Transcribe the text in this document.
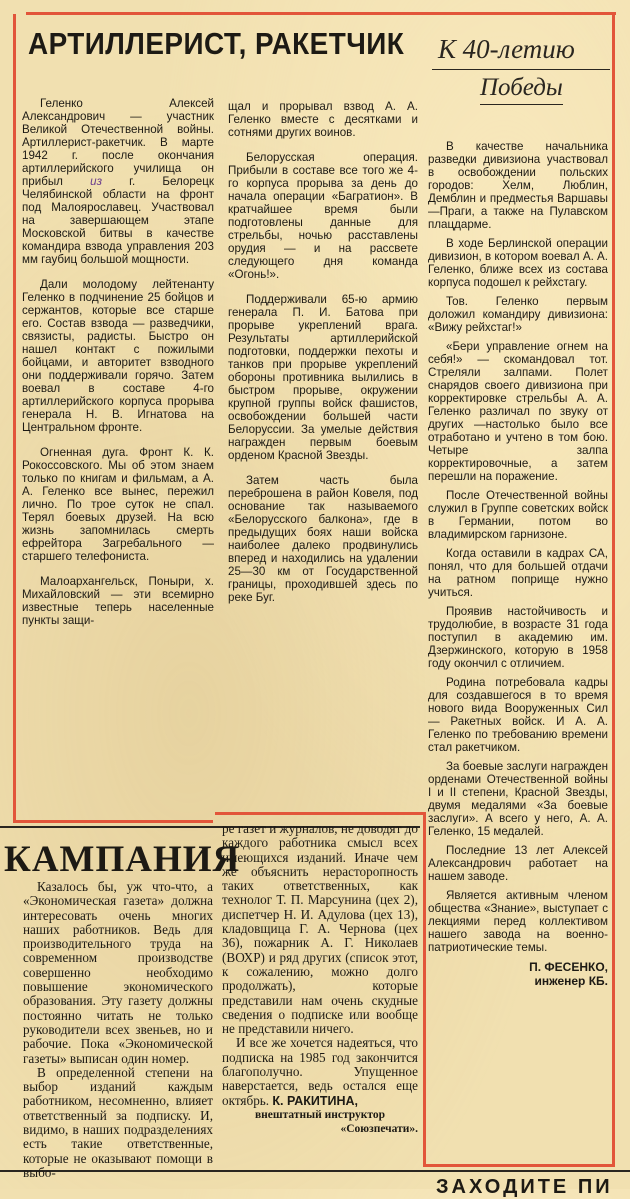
АРТИЛЛЕРИСТ, РАКЕТЧИК К 40-летию
Победы

Геленко Алексей Александрович — участник Великой Отечественной войны. Артиллерист-ракетчик. В марте 1942 г. после окончания артиллерийского училища он прибыл из г. Белорецк Челябинской области на фронт под Малоярославец. Участвовал на завершающем этапе Московской битвы в качестве командира взвода управления 203 мм гаубиц большой мощности.

Дали молодому лейтенанту Геленко в подчинение 25 бойцов и сержантов, которые все старше его. Состав взвода — разведчики, связисты, радисты. Быстро он нашел контакт с пожилыми бойцами, и авторитет взводного они поддерживали горячо. Затем воевал в составе 4-го артиллерийского корпуса прорыва генерала Н. В. Игнатова на Центральном фронте.

Огненная дуга. Фронт К. К. Рокоссовского. Мы об этом знаем только по книгам и фильмам, а А. А. Геленко все вынес, пережил лично. По трое суток не спал. Терял боевых друзей. На всю жизнь запомнилась смерть ефрейтора Загребального — старшего телефониста.

Малоархангельск, Поныри, х. Михайловский — эти всемирно известные теперь населенные пункты защи-

щал и прорывал взвод А. А. Геленко вместе с десятками и сотнями других воинов.

Белорусская операция. Прибыли в составе все того же 4-го корпуса прорыва за день до начала операции «Багратион». В кратчайшее время были подготовлены данные для стрельбы, ночью расставлены орудия — и на рассвете следующего дня команда «Огонь!».

Поддерживали 65-ю армию генерала П. И. Батова при прорыве укреплений врага. Результаты артиллерийской подготовки, поддержки пехоты и танков при прорыве укреплений обороны противника вылились в быстром прорыве, окружении крупной группы войск фашистов, освобождении большей части Белоруссии. За умелые действия награжден первым боевым орденом Красной Звезды.

Затем часть была переброшена в район Ковеля, под основание так называемого «Белорусского балкона», где в предыдущих боях наши войска наиболее далеко продвинулись вперед и находились на удалении 25—30 км от Государственной границы, проходившей здесь по реке Буг.

В качестве начальника разведки дивизиона участвовал в освобождении польских городов: Хелм, Люблин, Демблин и предместья Варшавы—Праги, а также на Пулавском плацдарме.

В ходе Берлинской операции дивизион, в котором воевал А. А. Геленко, ближе всех из состава корпуса подошел к рейхстагу.

Тов. Геленко первым доложил командиру дивизиона: «Вижу рейхстаг!»

«Бери управление огнем на себя!» — скомандовал тот. Стреляли залпами. Полет снарядов своего дивизиона при корректировке стрельбы А. А. Геленко различал по звуку от других —настолько было все отработано и учтено в том бою. Четыре залпа корректировочные, а затем перешли на поражение.

После Отечественной войны служил в Группе советских войск в Германии, потом во владимирском гарнизоне.

Когда оставили в кадрах СА, понял, что для большей отдачи на ратном поприще нужно учиться.

Проявив настойчивость и трудолюбие, в возрасте 31 года поступил в академию им. Дзержинского, которую в 1958 году окончил с отличием.

Родина потребовала кадры для создавшегося в то время нового вида Вооруженных Сил — Ракетных войск. И А. А. Геленко по требованию времени стал ракетчиком.

За боевые заслуги награжден орденами Отечественной войны I и II степени, Красной Звезды, двумя медалями «За боевые заслуги». А всего у него, А. А. Геленко, 15 медалей.

Последние 13 лет Алексей Александрович работает на нашем заводе.

Является активным членом общества «Знание», выступает с лекциями перед коллективом нашего завода на военно-патриотические темы.

П. ФЕСЕНКО,
инженер КБ.
КАМПАНИЯ

Казалось бы, уж что-что, а «Экономическая газета» должна интересовать очень многих наших работников. Ведь для производительного труда на современном производстве совершенно необходимо повышение экономического образования. Эту газету должны постоянно читать не только руководители всех звеньев, но и рабочие. Пока «Экономической газеты» выписан один номер.

В определенной степени на выбор изданий каждым работником, несомненно, влияет ответственный за подписку. И, видимо, в наших подразделениях есть такие ответственные, которые не оказывают помощи в выбо-

ре газет и журналов, не доводят до каждого работника смысл всех имеющихся изданий. Иначе чем же объяснить нерасторопность таких ответственных, как технолог Т. П. Марсунина (цех 2), диспетчер Н. И. Адулова (цех 13), кладовщица Г. А. Чернова (цех 36), пожарник А. Г. Николаев (ВОХР) и ряд других (список этот, к сожалению, можно долго продолжать), которые представили нам очень скудные сведения о подписке или вообще не представили ничего.

И все же хочется надеяться, что подписка на 1985 год закончится благополучно. Упущенное наверстается, ведь остался еще октябрь. К. РАКИТИНА,

внештатный инструктор
«Союзпечати».
ЗАХОДИТЕ ПИ
